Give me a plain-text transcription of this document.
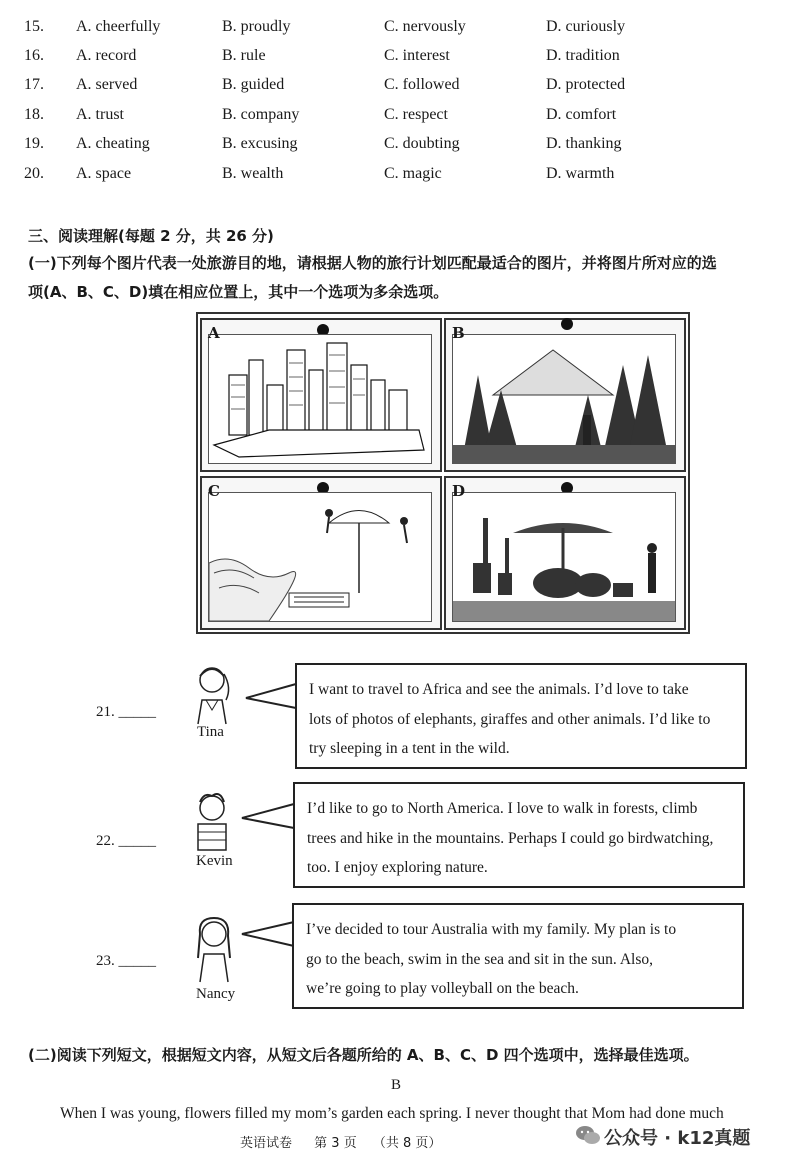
15. A. cheerfully	B. proudly	C. nervously	D. curiously
16. A. record	B. rule	C. interest	D. tradition
17. A. served	B. guided	C. followed	D. protected
18. A. trust	B. company	C. respect	D. comfort
19. A. cheating	B. excusing	C. doubting	D. thanking
20. A. space	B. wealth	C. magic	D. warmth
三、阅读理解(每题 2 分，共 26 分)
(一)下列每个图片代表一处旅游目的地，请根据人物的旅行计划匹配最适合的图片，并将图片所对应的选
项(A、B、C、D)填在相应位置上，其中一个选项为多余选项。
A	B
C	D
21. _____
Tina
I want to travel to Africa and see the animals. I’d love to take
lots of photos of elephants, giraffes and other animals. I’d like to
try sleeping in a tent in the wild.
22. _____
Kevin
I’d like to go to North America. I love to walk in forests, climb
trees and hike in the mountains. Perhaps I could go birdwatching,
too. I enjoy exploring nature.
23. _____
Nancy
I’ve decided to tour Australia with my family. My plan is to
go to the beach, swim in the sea and sit in the sun. Also,
we’re going to play volleyball on the beach.
(二)阅读下列短文，根据短文内容，从短文后各题所给的 A、B、C、D 四个选项中，选择最佳选项。
B
When I was young, flowers filled my mom’s garden each spring. I never thought that Mom had done much
英语试卷 第 3 页 （共 8 页）	公众号 · k12真题
